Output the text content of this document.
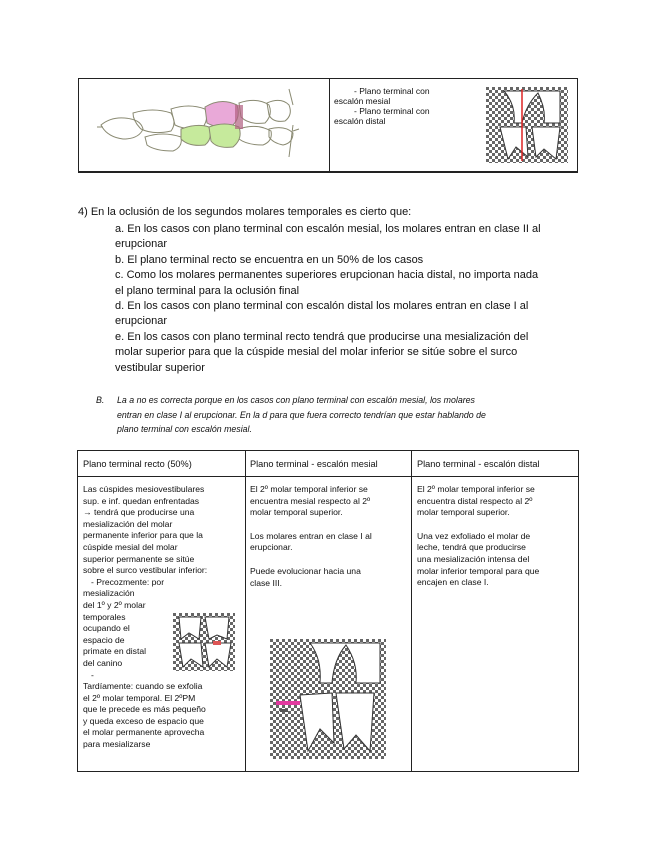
- Plano terminal con
escalón mesial
- Plano terminal con
escalón distal
4) En la oclusión de los segundos molares temporales es cierto que:

a. En los casos con plano terminal con escalón mesial, los molares entran en clase II al
erupcionar

b. El plano terminal recto se encuentra en un 50% de los casos

c. Como los molares permanentes superiores erupcionan hacia distal, no importa nada
el plano terminal para la oclusión final

d. En los casos con plano terminal con escalón distal los molares entran en clase I al
erupcionar

e. En los casos con plano terminal recto tendrá que producirse una mesialización del
molar superior para que la cúspide mesial del molar inferior se sitúe sobre el surco
vestibular superior

B. La a no es correcta porque en los casos con plano terminal con escalón mesial, los molares
entran en clase I al erupcionar. En la d para que fuera correcto tendrían que estar hablando de
plano terminal con escalón mesial.
Plano terminal recto (50%)	Plano terminal - escalón mesial	Plano terminal - escalón distal

Las cúspides mesiovestibulares

sup. e inf. quedan enfrentadas

→ tendrá que producirse una

mesialización del molar

permanente inferior para que la

cúspide mesial del molar

superior permanente se sitúe

sobre el surco vestibular inferior:

- Precozmente: por

mesialización

del 1º y 2º molar

temporales

ocupando el

espacio de

primate en distal

del canino

-

Tardíamente: cuando se exfolia

el 2º molar temporal. El 2ºPM

que le precede es más pequeño

y queda exceso de espacio que

el molar permanente aprovecha

para mesializarse

El 2º molar temporal inferior se

encuentra mesial respecto al 2º

molar temporal superior.

Los molares entran en clase I al

erupcionar.

Puede evolucionar hacia una

clase III.

El 2º molar temporal inferior se

encuentra distal respecto al 2º

molar temporal superior.

Una vez exfoliado el molar de

leche, tendrá que producirse

una mesialización intensa del

molar inferior temporal para que

encajen en clase I.
